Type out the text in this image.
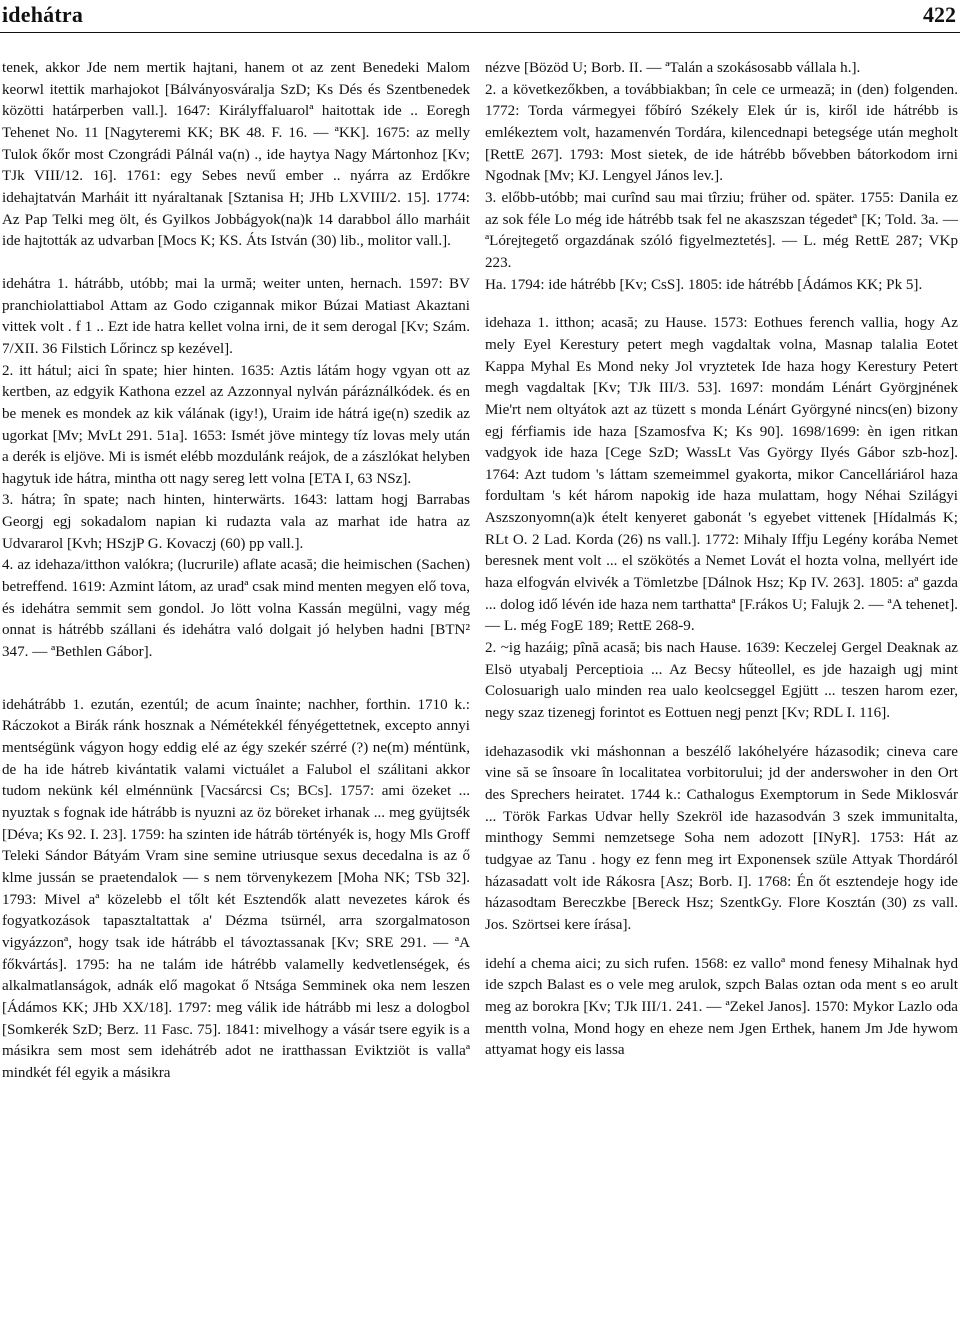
idehátra	422

tenek, akkor Jde nem mertik hajtani, hanem ot az zent Benedeki Malom keorwl itettik marhajokot [Bálványosváralja SzD; Ks Dés és Szentbenedek közötti határperben vall.]. 1647: Királyffaluarolª haitottak ide .. Eoregh Tehenet No. 11 [Nagyteremi KK; BK 48. F. 16. — ªKK]. 1675: az melly Tulok őkőr most Czongrádi Pálnál va(n) ., ide haytya Nagy Mártonhoz [Kv; TJk VIII/12. 16]. 1761: egy Sebes nevű ember .. nyárra az Erdőkre idehajtatván Marháit itt nyáraltanak [Sztanisa H; JHb LXVIII/2. 15]. 1774: Az Pap Telki meg ölt, és Gyilkos Jobbágyok(na)k 14 darabbol állo marháit ide hajtották az udvarban [Mocs K; KS. Áts István (30) lib., molitor vall.].

idehátra 1. hátrább, utóbb; mai la urmă; weiter unten, hernach. 1597: BV pranchiolattiabol Attam az Godo czigannak mikor Búzai Matiast Akaztani vittek volt . f 1 .. Ezt ide hatra kellet volna irni, de it sem derogal [Kv; Szám. 7/XII. 36 Filstich Lőrincz sp kezével].

2. itt hátul; aici în spate; hier hinten. 1635: Aztis látám hogy vgyan ott az kertben, az edgyik Kathona ezzel az Azzonnyal nylván páráználkódek. és en be menek es mondek az kik válának (igy!), Uraim ide hátrá ige(n) szedik az ugorkat [Mv; MvLt 291. 51a]. 1653: Ismét jöve mintegy tíz lovas mely után a derék is eljöve. Mi is ismét elébb mozdulánk reájok, de a zászlókat helyben hagytuk ide hátra, mintha ott nagy sereg lett volna [ETA I, 63 NSz].

3. hátra; în spate; nach hinten, hinterwärts. 1643: lattam hogj Barrabas Georgj egj sokadalom napian ki rudazta vala az marhat ide hatra az Udvararol [Kvh; HSzjP G. Kovaczj (60) pp vall.].

4. az idehaza/itthon valókra; (lucrurile) aflate acasă; die heimischen (Sachen) betreffend. 1619: Azmint látom, az uradª csak mind menten megyen elő tova, és idehátra semmit sem gondol. Jo lött volna Kassán megülni, vagy még onnat is hátrébb szállani és idehátra való dolgait jó helyben hadni [BTN² 347. — ªBethlen Gábor].

idehátrább 1. ezután, ezentúl; de acum înainte; nachher, forthin. 1710 k.: Ráczokot a Birák ránk hosznak a Némétekkél fényégettetnek, excepto annyi mentségünk vágyon hogy eddig elé az égy szekér szérré (?) ne(m) méntünk, de ha ide hátreb kivántatik valami victuálet a Falubol el szálitani akkor tudom nekünk kél elménnünk [Vacsárcsi Cs; BCs]. 1757: ami özeket ... nyuztak s fognak ide hátrább is nyuzni az öz böreket irhanak ... meg gyüjtsék [Déva; Ks 92. I. 23]. 1759: ha szinten ide hátráb történyék is, hogy Mls Groff Teleki Sándor Bátyám Vram sine semine utriusque sexus decedalna is az ő klme jussán se praetendalok — s nem törvenykezem [Moha NK; TSb 32]. 1793: Mivel aª közelebb el tőlt két Esztendők alatt nevezetes károk és fogyatkozások tapasztaltattak a' Dézma tsürnél, arra szorgalmatoson vigyázzonª, hogy tsak ide hátrább el távoztassanak [Kv; SRE 291. — ªA főkvártás]. 1795: ha ne talám ide hátrébb valamelly kedvetlenségek, és alkalmatlanságok, adnák elő magokat ő Ntsága Semminek oka nem leszen [Ádámos KK; JHb XX/18]. 1797: meg válik ide hátrább mi lesz a dologbol [Somkerék SzD; Berz. 11 Fasc. 75]. 1841: mivelhogy a vásár tsere egyik is a másikra sem most sem idehátréb adot ne iratthassan Eviktziöt is vallaª mindkét fél egyik a másikra

nézve [Bözöd U; Borb. II. — ªTalán a szokásosabb vállala h.].

2. a következőkben, a továbbiakban; în cele ce urmează; in (den) folgenden. 1772: Torda vármegyei főbíró Székely Elek úr is, kiről ide hátrébb is emlékeztem volt, hazamenvén Tordára, kilencednapi betegsége után megholt [RettE 267]. 1793: Most sietek, de ide hátrébb bővebben bátorkodom irni Ngodnak [Mv; KJ. Lengyel János lev.].

3. előbb-utóbb; mai curînd sau mai tîrziu; früher od. später. 1755: Danila ez az sok féle Lo még ide hátrébb tsak fel ne akaszszan tégedetª [K; Told. 3a. — ªLórejtegető orgazdának szóló figyelmeztetés]. — L. még RettE 287; VKp 223.

Ha. 1794: ide hátrébb [Kv; CsS]. 1805: ide hátrébb [Ádámos KK; Pk 5].

idehaza 1. itthon; acasă; zu Hause. 1573: Eothues ferench vallia, hogy Az mely Eyel Kerestury petert megh vagdaltak volna, Masnap talalia Eotet Kappa Myhal Es Mond neky Jol vryztetek Ide haza hogy Kerestury Petert megh vagdaltak [Kv; TJk III/3. 53]. 1697: mondám Lénárt Györgjnének Mie'rt nem oltyátok azt az tüzett s monda Lénárt Györgyné nincs(en) bizony egj férfiamis ide haza [Szamosfva K; Ks 90]. 1698/1699: èn igen ritkan vadgyok ide haza [Cege SzD; WassLt Vas György Ilyés Gábor szb-hoz]. 1764: Azt tudom 's láttam szemeimmel gyakorta, mikor Cancelláriárol haza fordultam 's két három napokig ide haza mulattam, hogy Néhai Szilágyi Aszszonyomn(a)k ételt kenyeret gabonát 's egyebet vittenek [Hídalmás K; RLt O. 2 Lad. Korda (26) ns vall.]. 1772: Mihaly Iffju Legény korába Nemet beresnek ment volt ... el szökötés a Nemet Lovát el hozta volna, mellyért ide haza elfogván elvivék a Tömletzbe [Dálnok Hsz; Kp IV. 263]. 1805: aª gazda ... dolog idő lévén ide haza nem tarthattaª [F.rákos U; Falujk 2. — ªA tehenet]. — L. még FogE 189; RettE 268-9.

2. ~ig hazáig; pînă acasă; bis nach Hause. 1639: Keczelej Gergel Deaknak az Elsö utyabalj Perceptioia ... Az Becsy hűteollel, es jde hazaigh ugj mint Colosuarigh ualo minden rea ualo keolcseggel Egjütt ... teszen harom ezer, negy szaz tizenegj forintot es Eottuen negj penzt [Kv; RDL I. 116].

idehazasodik vki máshonnan a beszélő lakóhelyére házasodik; cineva care vine să se însoare în localitatea vorbitorului; jd der anderswoher in den Ort des Sprechers heiratet. 1744 k.: Cathalogus Exemptorum in Sede Miklosvár ... Török Farkas Udvar helly Szekröl ide hazasodván 3 szek immunitalta, minthogy Semmi nemzetsege Soha nem adozott [INyR]. 1753: Hát az tudgyae az Tanu . hogy ez fenn meg irt Exponensek szüle Attyak Thordáról házasadatt volt ide Rákosra [Asz; Borb. I]. 1768: Én őt esztendeje hogy ide házasodtam Bereczkbe [Bereck Hsz; SzentkGy. Flore Kosztán (30) zs vall. Jos. Szörtsei kere írása].

idehí a chema aici; zu sich rufen. 1568: ez valloª mond fenesy Mihalnak hyd ide szpch Balast es o vele meg arulok, szpch Balas oztan oda ment s eo arult meg az borokra [Kv; TJk III/1. 241. — ªZekel Janos]. 1570: Mykor Lazlo oda mentth volna, Mond hogy en eheze nem Jgen Erthek, hanem Jm Jde hywom attyamat hogy eis lassa
